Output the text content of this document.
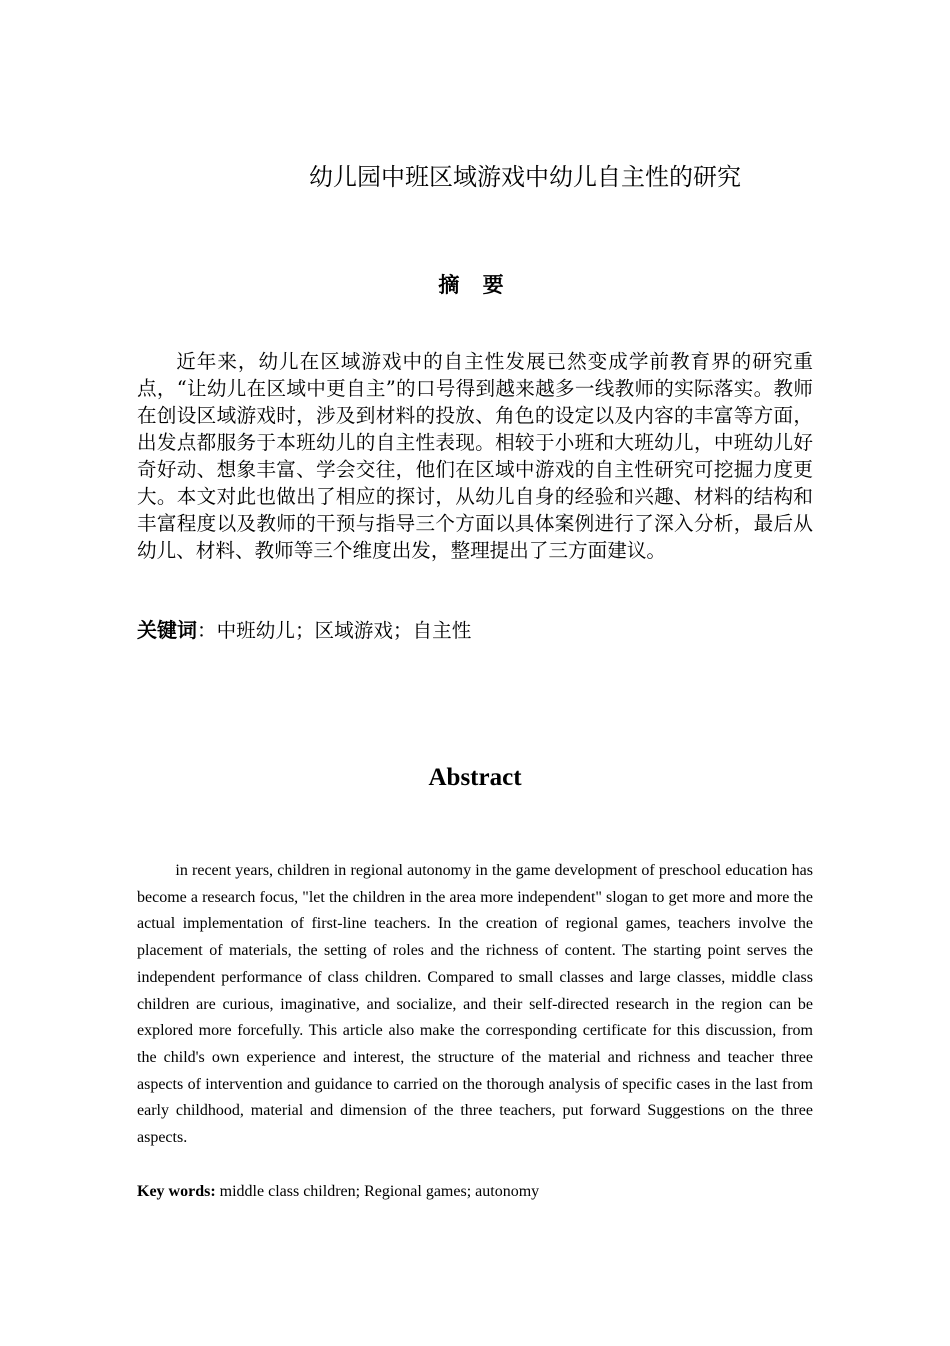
幼儿园中班区域游戏中幼儿自主性的研究
摘 要

近年来，幼儿在区域游戏中的自主性发展已然变成学前教育界的研究重点，“让幼儿在区域中更自主”的口号得到越来越多一线教师的实际落实。教师在创设区域游戏时，涉及到材料的投放、角色的设定以及内容的丰富等方面，出发点都服务于本班幼儿的自主性表现。相较于小班和大班幼儿，中班幼儿好奇好动、想象丰富、学会交往，他们在区域中游戏的自主性研究可挖掘力度更大。本文对此也做出了相应的探讨，从幼儿自身的经验和兴趣、材料的结构和丰富程度以及教师的干预与指导三个方面以具体案例进行了深入分析，最后从幼儿、材料、教师等三个维度出发，整理提出了三方面建议。

关键词：中班幼儿；区域游戏；自主性

Abstract

in recent years, children in regional autonomy in the game development of preschool education has become a research focus, "let the children in the area more independent" slogan to get more and more the actual implementation of first-line teachers. In the creation of regional games, teachers involve the placement of materials, the setting of roles and the richness of content. The starting point serves the independent performance of class children. Compared to small classes and large classes, middle class children are curious, imaginative, and socialize, and their self-directed research in the region can be explored more forcefully. This article also make the corresponding certificate for this discussion, from the child's own experience and interest, the structure of the material and richness and teacher three aspects of intervention and guidance to carried on the thorough analysis of specific cases in the last from early childhood, material and dimension of the three teachers, put forward Suggestions on the three aspects.

Key words: middle class children; Regional games; autonomy
